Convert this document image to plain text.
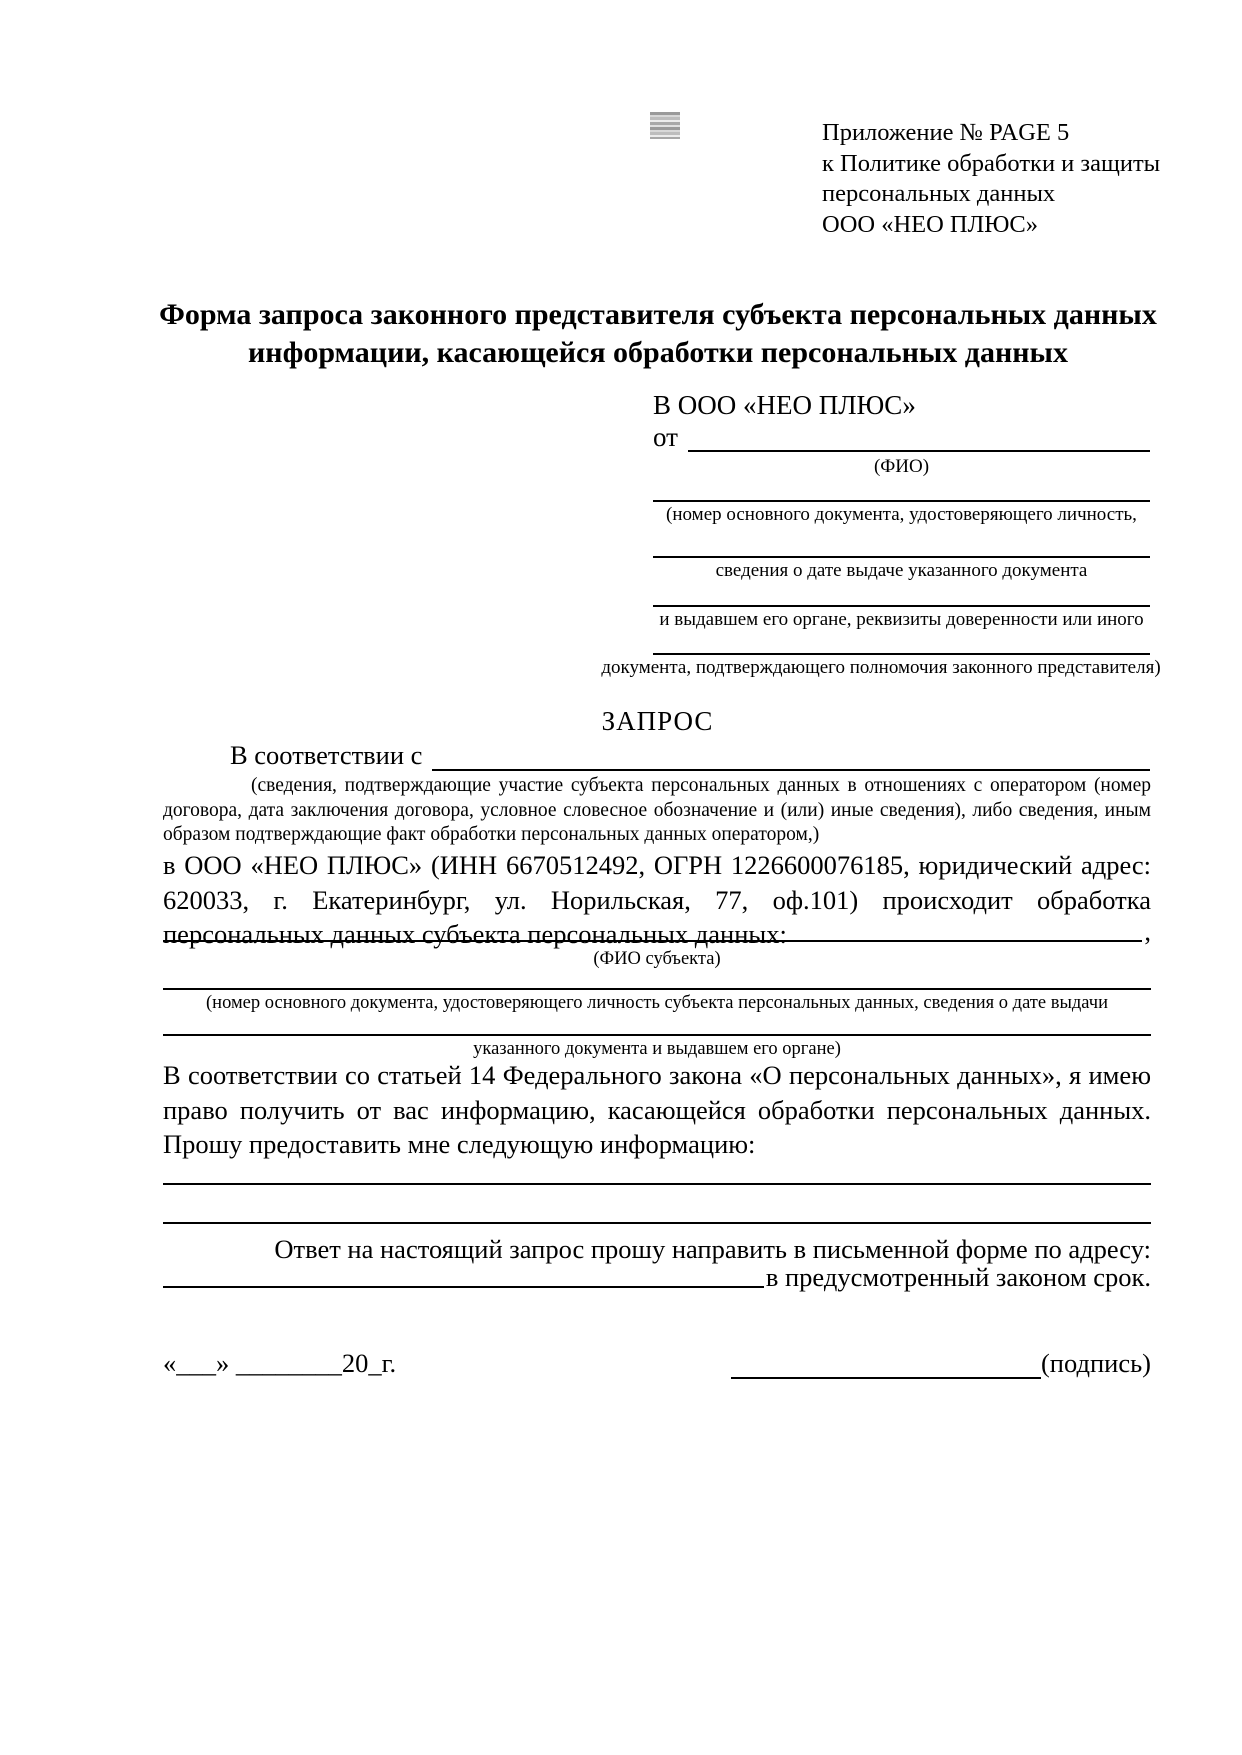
Приложение № PAGE 5
к Политике обработки и защиты
персональных данных
ООО «НЕО ПЛЮС»
Форма запроса законного представителя субъекта персональных данных
информации, касающейся обработки персональных данных
В ООО «НЕО ПЛЮС»
от
(ФИО)
(номер основного документа, удостоверяющего личность,
сведения о дате выдаче указанного документа
и выдавшем его органе, реквизиты доверенности или иного
документа, подтверждающего полномочия законного представителя)
ЗАПРОС
В соответствии с
(сведения, подтверждающие участие субъекта персональных данных в отношениях с оператором (номер договора, дата заключения договора, условное словесное обозначение и (или) иные сведения), либо сведения, иным образом подтверждающие факт обработки персональных данных оператором,)
в ООО «НЕО ПЛЮС» (ИНН 6670512492, ОГРН 1226600076185, юридический адрес: 620033, г. Екатеринбург, ул. Норильская, 77, оф.101) происходит обработка персональных данных субъекта персональных данных:	,
(ФИО субъекта)
(номер основного документа, удостоверяющего личность субъекта персональных данных, сведения о дате выдачи
указанного документа и выдавшем его органе)
В соответствии со статьей 14 Федерального закона «О персональных данных», я имею право получить от вас информацию, касающейся обработки персональных данных. Прошу предоставить мне следующую информацию:
Ответ на настоящий запрос прошу направить в письменной форме по адресу:
в предусмотренный законом срок.
«___» ________20_г.	(подпись)
